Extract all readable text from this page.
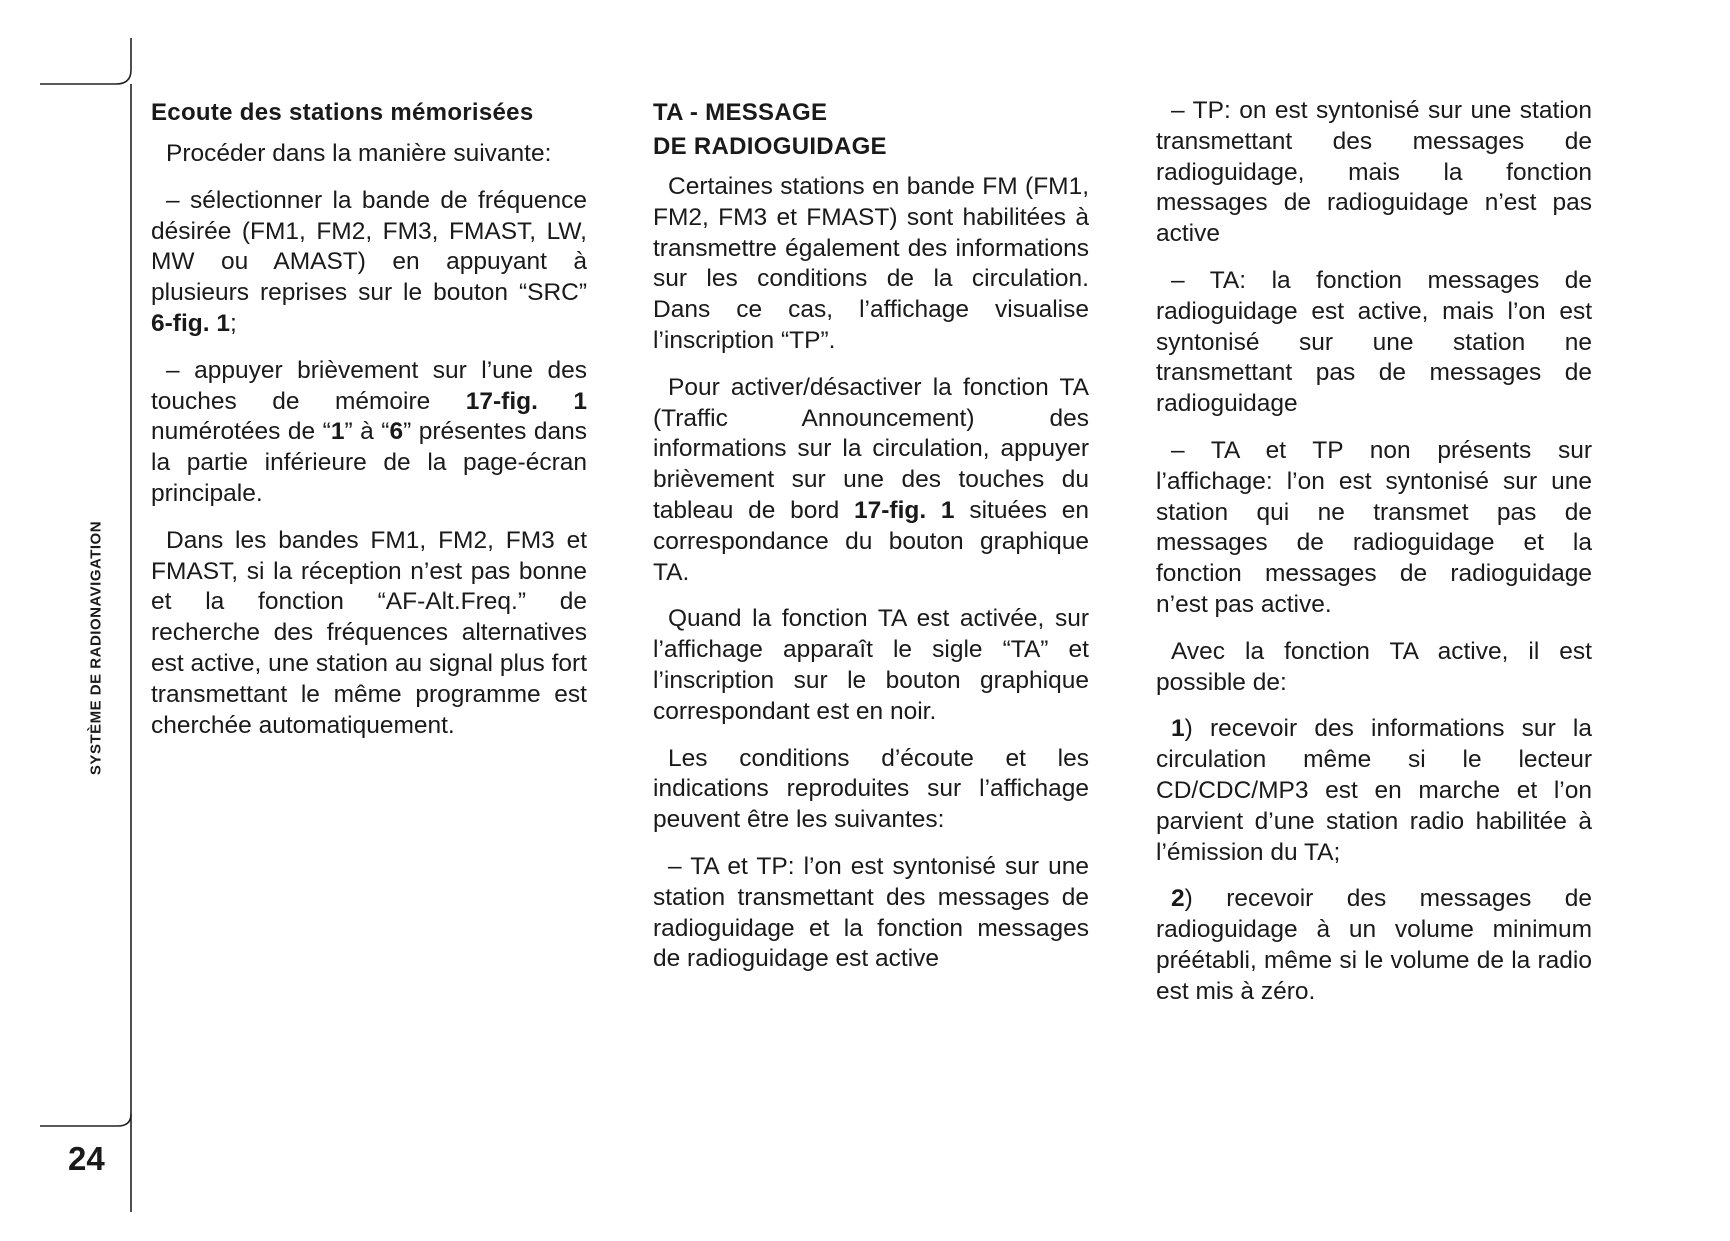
SYSTÈME DE RADIONAVIGATION
24
Ecoute des stations mémorisées

Procéder dans la manière suivante:

– sélectionner la bande de fréquence désirée (FM1, FM2, FM3, FMAST, LW, MW ou AMAST) en appuyant à plusieurs reprises sur le bouton “SRC” 6-fig. 1;

– appuyer brièvement sur l’une des touches de mémoire 17-fig. 1 numérotées de “1” à “6” présentes dans la partie inférieure de la page-écran principale.

Dans les bandes FM1, FM2, FM3 et FMAST, si la réception n’est pas bonne et la fonction “AF-Alt.Freq.” de recherche des fréquences alternatives est active, une station au signal plus fort transmettant le même programme est cherchée automatiquement.

TA - MESSAGE
DE RADIOGUIDAGE

Certaines stations en bande FM (FM1, FM2, FM3 et FMAST) sont habilitées à transmettre également des informations sur les conditions de la circulation. Dans ce cas, l’affichage visualise l’inscription “TP”.

Pour activer/désactiver la fonction TA (Traffic Announcement) des informations sur la circulation, appuyer brièvement sur une des touches du tableau de bord 17-fig. 1 situées en correspondance du bouton graphique TA.

Quand la fonction TA est activée, sur l’affichage apparaît le sigle “TA” et l’inscription sur le bouton graphique correspondant est en noir.

Les conditions d’écoute et les indications reproduites sur l’affichage peuvent être les suivantes:

– TA et TP: l’on est syntonisé sur une station transmettant des messages de radioguidage et la fonction messages de radioguidage est active

– TP: on est syntonisé sur une station transmettant des messages de radioguidage, mais la fonction messages de radioguidage n’est pas active

– TA: la fonction messages de radioguidage est active, mais l’on est syntonisé sur une station ne transmettant pas de messages de radioguidage

– TA et TP non présents sur l’affichage: l’on est syntonisé sur une station qui ne transmet pas de messages de radioguidage et la fonction messages de radioguidage n’est pas active.

Avec la fonction TA active, il est possible de:

1) recevoir des informations sur la circulation même si le lecteur CD/CDC/MP3 est en marche et l’on parvient d’une station radio habilitée à l’émission du TA;

2) recevoir des messages de radioguidage à un volume minimum préétabli, même si le volume de la radio est mis à zéro.
